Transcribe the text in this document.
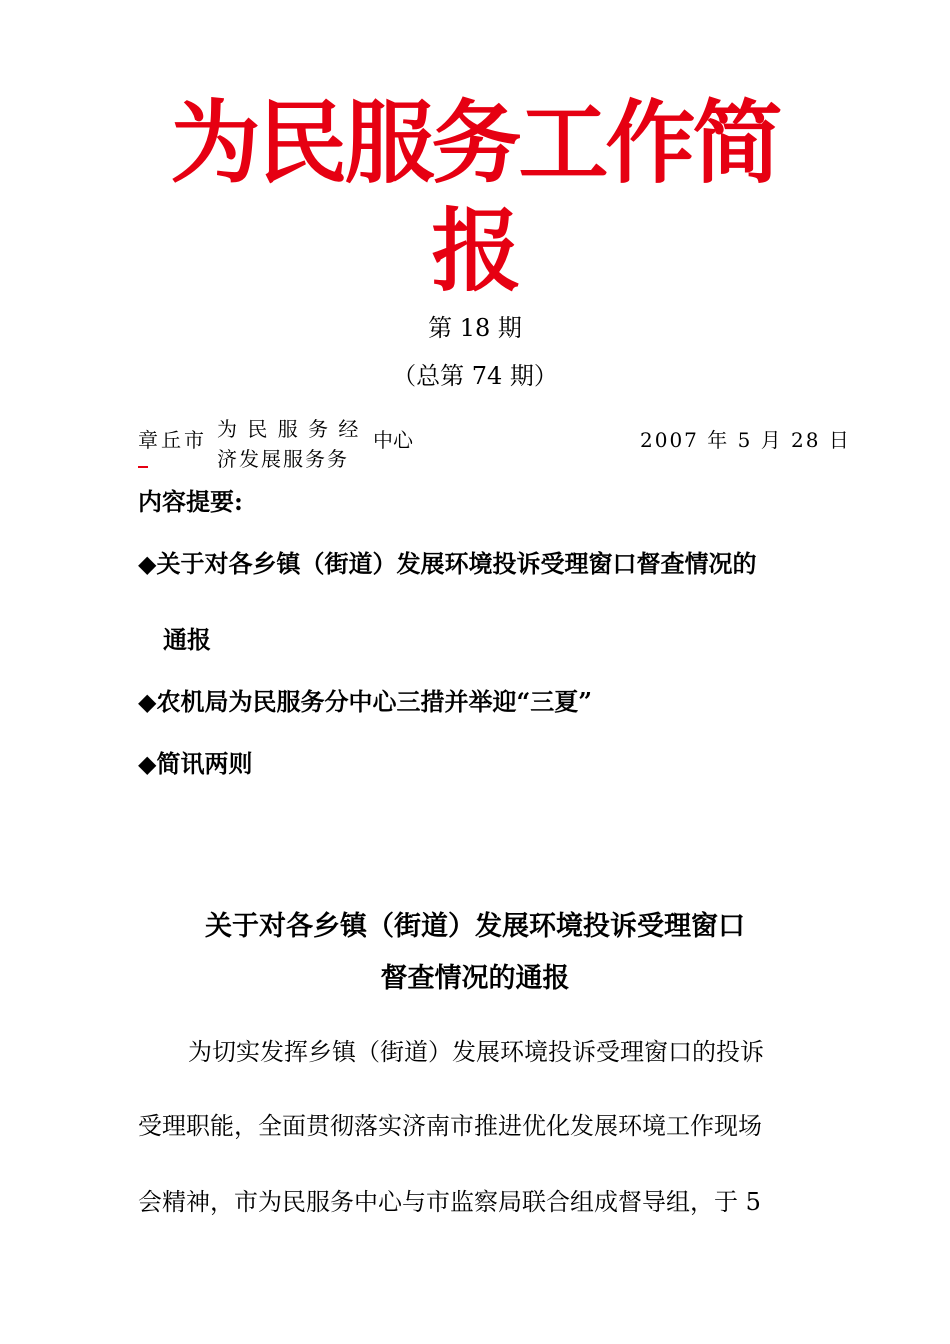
为民服务工作简
报
第 18 期
（总第 74 期）
章丘市 为 民 服 务 经
济发展服务务
中心	2007 年 5 月 28 日
内容提要:
◆关于对各乡镇（街道）发展环境投诉受理窗口督查情况的
通报
◆农机局为民服务分中心三措并举迎“三夏”
◆简讯两则
关于对各乡镇（街道）发展环境投诉受理窗口
督查情况的通报
为切实发挥乡镇（街道）发展环境投诉受理窗口的投诉
受理职能，全面贯彻落实济南市推进优化发展环境工作现场
会精神，市为民服务中心与市监察局联合组成督导组，于 5
